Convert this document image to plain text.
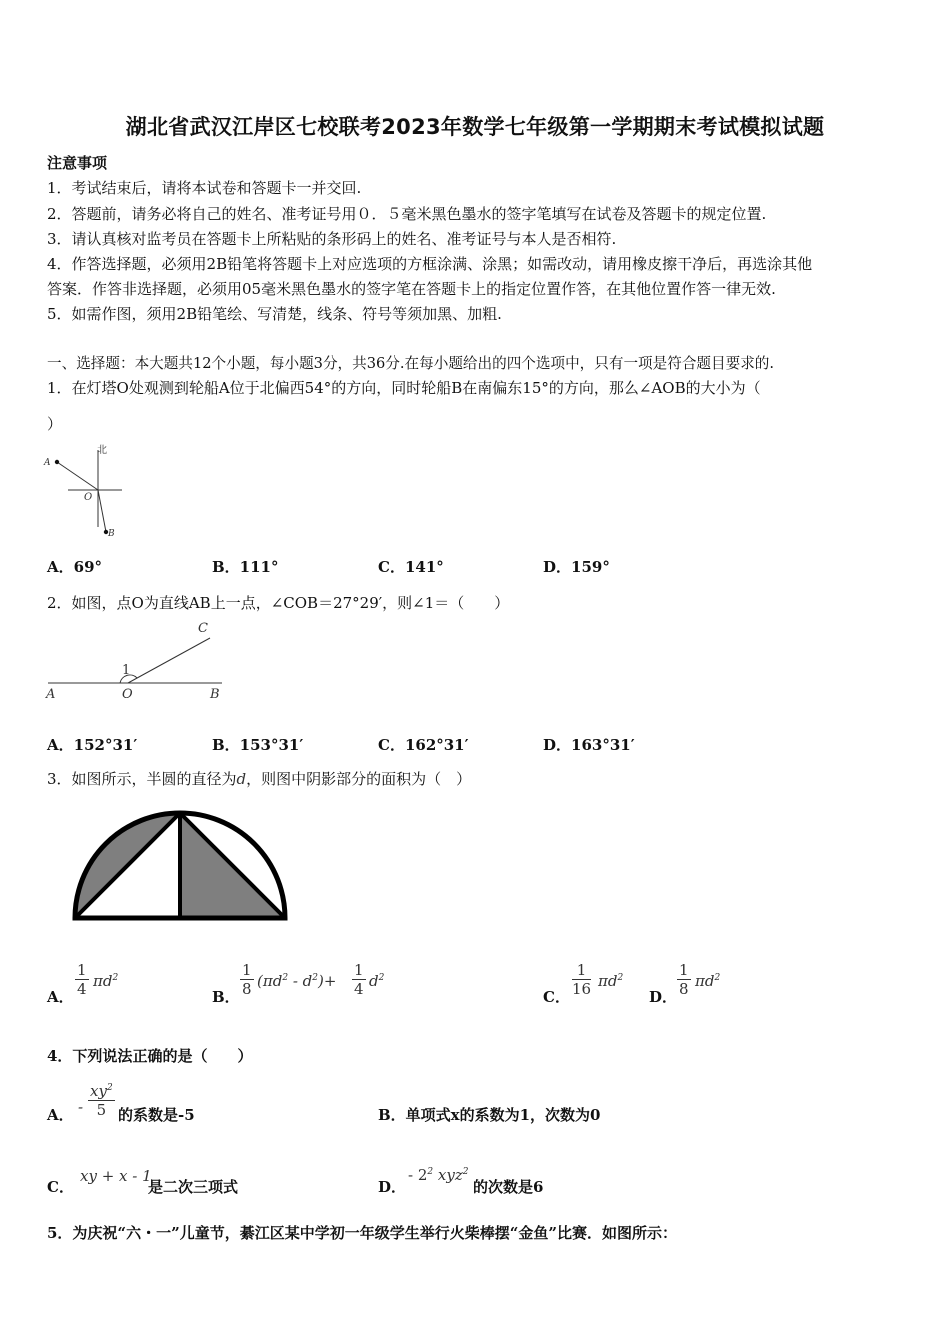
湖北省武汉江岸区七校联考2023年数学七年级第一学期期末考试模拟试题
注意事项
1．考试结束后，请将本试卷和答题卡一并交回.
2．答题前，请务必将自己的姓名、准考证号用０．５毫米黑色墨水的签字笔填写在试卷及答题卡的规定位置.
3．请认真核对监考员在答题卡上所粘贴的条形码上的姓名、准考证号与本人是否相符.
4．作答选择题，必须用2B铅笔将答题卡上对应选项的方框涂满、涂黑；如需改动，请用橡皮擦干净后，再选涂其他
答案．作答非选择题，必须用05毫米黑色墨水的签字笔在答题卡上的指定位置作答，在其他位置作答一律无效.
5．如需作图，须用2B铅笔绘、写清楚，线条、符号等须加黑、加粗.
一、选择题：本大题共12个小题，每小题3分，共36分.在每小题给出的四个选项中，只有一项是符合题目要求的.
1．在灯塔O处观测到轮船A位于北偏西54°的方向，同时轮船B在南偏东15°的方向，那么∠AOB的大小为（
）
北
A
O
B
A．69°	B．111°	C．141°	D．159°
2．如图，点O为直线AB上一点，∠COB＝27°29′，则∠1＝（　　）
C
1
A	O	B
A．152°31′	B．153°31′	C．162°31′	D．163°31′
3．如图所示，半圆的直径为d，则图中阴影部分的面积为（　）
A． $\frac{1}{4} \pi d^2$
B． $\frac{1}{8} (\pi d^2 - d^2)+ \frac{1}{4} d^2$
C． $\frac{1}{16} \pi d^2$
D． $\frac{1}{8} \pi d^2$
4．下列说法正确的是（　　）
A． - $\frac{xy^2}{5}$ 的系数是-5	B．单项式x的系数为1，次数为0
C．
xy + x - 1
是二次三项式	D．
- $2^2$ xyz$^2$
的次数是6
5．为庆祝“六・一”儿童节，綦江区某中学初一年级学生举行火柴棒摆“金鱼”比赛．如图所示：
